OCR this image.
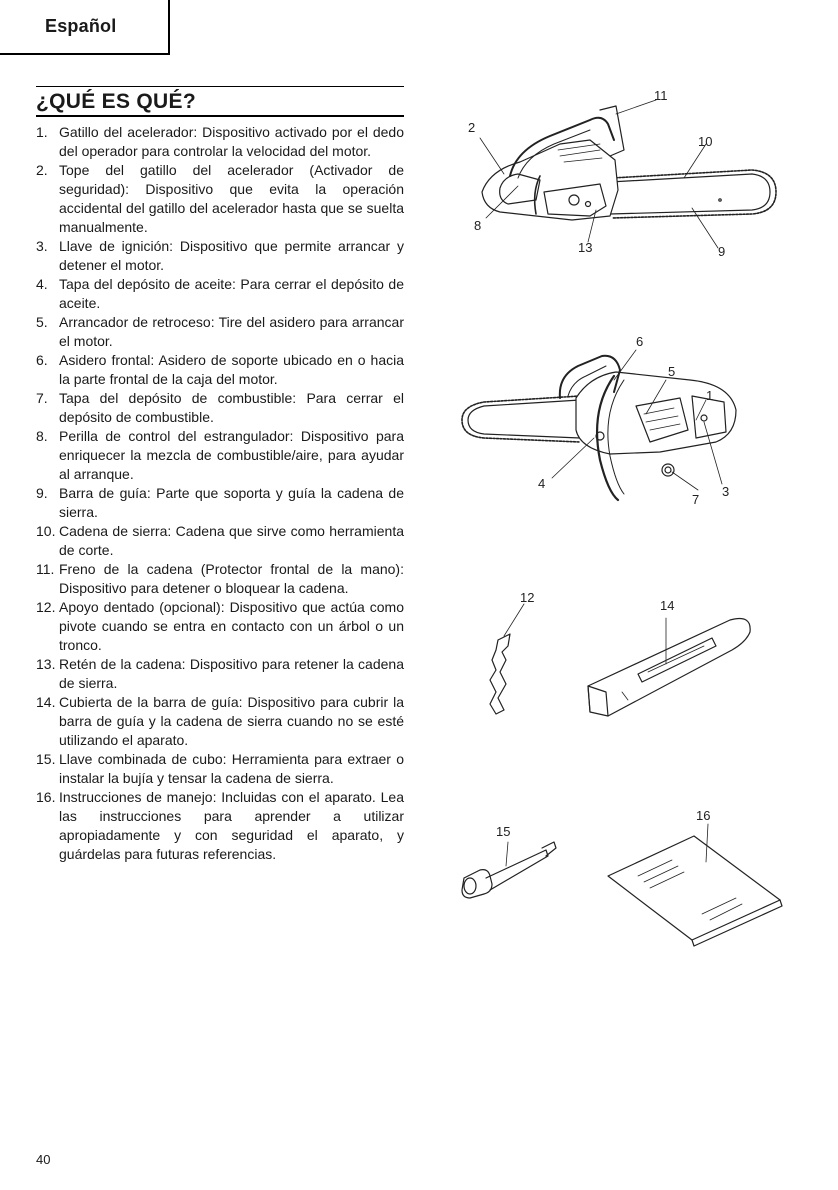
Español
¿QUÉ ES QUÉ?
1. Gatillo del acelerador: Dispositivo activado por el dedo del operador para controlar la velocidad del motor.
2. Tope del gatillo del acelerador (Activador de seguridad): Dispositivo que evita la operación accidental del gatillo del acelerador hasta que se suelta manualmente.
3. Llave de ignición: Dispositivo que permite arrancar y detener el motor.
4. Tapa del depósito de aceite: Para cerrar el depósito de aceite.
5. Arrancador de retroceso: Tire del asidero para arrancar el motor.
6. Asidero frontal: Asidero de soporte ubicado en o hacia la parte frontal de la caja del motor.
7. Tapa del depósito de combustible: Para cerrar el depósito de combustible.
8. Perilla de control del estrangulador: Dispositivo para enriquecer la mezcla de combustible/aire, para ayudar al arranque.
9. Barra de guía: Parte que soporta y guía la cadena de sierra.
10. Cadena de sierra: Cadena que sirve como herramienta de corte.
11. Freno de la cadena (Protector frontal de la mano): Dispositivo para detener o bloquear la cadena.
12. Apoyo dentado (opcional): Dispositivo que actúa como pivote cuando se entra en contacto con un árbol o un tronco.
13. Retén de la cadena: Dispositivo para retener la cadena de sierra.
14. Cubierta de la barra de guía: Dispositivo para cubrir la barra de guía y la cadena de sierra cuando no se esté utilizando el aparato.
15. Llave combinada de cubo: Herramienta para extraer o instalar la bujía y tensar la cadena de sierra.
16. Instrucciones de manejo: Incluidas con el aparato. Lea las instrucciones para aprender a utilizar apropiadamente y con seguridad el aparato, y guárdelas para futuras referencias.
2
11
10
8
13	9
6
5
1
4
7
3
12
14
15
16
40
